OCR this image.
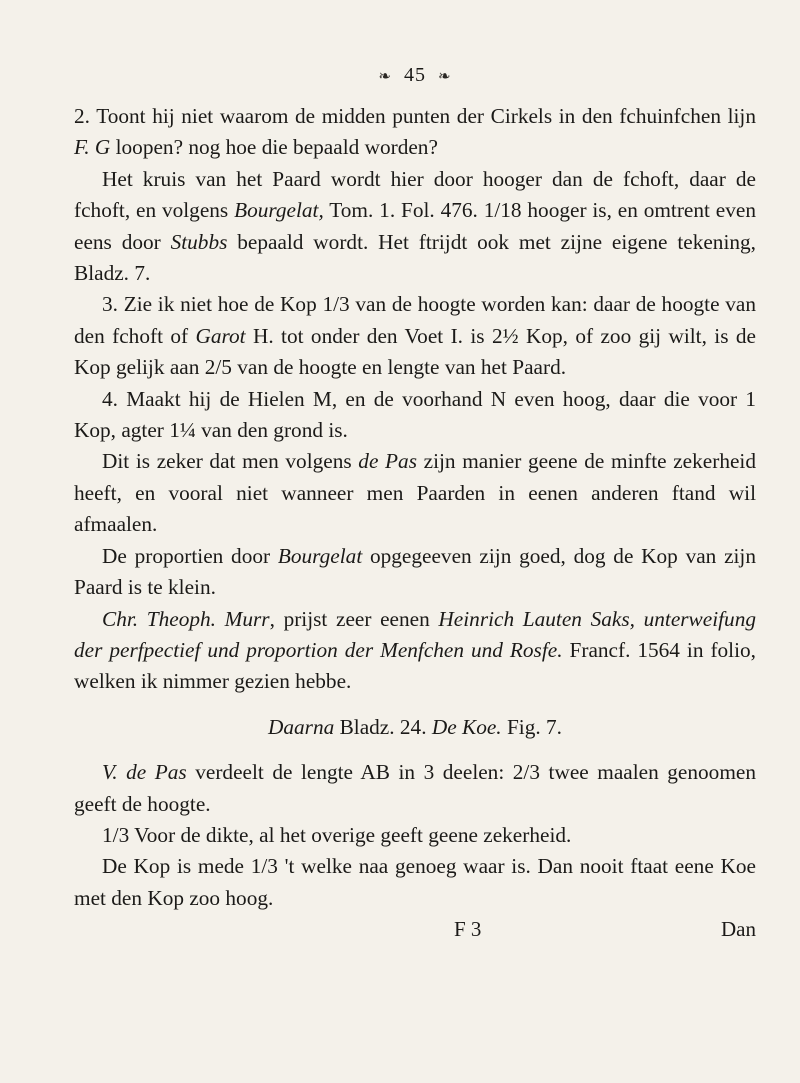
❧ 45 ❧

2. Toont hij niet waarom de midden punten der Cirkels in den fchuinfchen lijn F. G loopen? nog hoe die bepaald worden?

Het kruis van het Paard wordt hier door hooger dan de fchoft, daar de fchoft, en volgens Bourgelat, Tom. 1. Fol. 476. 1/18 hooger is, en omtrent even eens door Stubbs bepaald wordt. Het ftrijdt ook met zijne eigene tekening, Bladz. 7.

3. Zie ik niet hoe de Kop 1/3 van de hoogte worden kan: daar de hoogte van den fchoft of Garot H. tot onder den Voet I. is 2½ Kop, of zoo gij wilt, is de Kop gelijk aan 2/5 van de hoogte en lengte van het Paard.

4. Maakt hij de Hielen M, en de voorhand N even hoog, daar die voor 1 Kop, agter 1¼ van den grond is.

Dit is zeker dat men volgens de Pas zijn manier geene de minfte zekerheid heeft, en vooral niet wanneer men Paarden in eenen anderen ftand wil afmaalen.

De proportien door Bourgelat opgegeeven zijn goed, dog de Kop van zijn Paard is te klein.

Chr. Theoph. Murr, prijst zeer eenen Heinrich Lauten Saks, unterweifung der perfpectief und proportion der Menfchen und Rosfe. Francf. 1564 in folio, welken ik nimmer gezien hebbe.

Daarna Bladz. 24. De Koe. Fig. 7.

V. de Pas verdeelt de lengte AB in 3 deelen: 2/3 twee maalen genoomen geeft de hoogte.

1/3 Voor de dikte, al het overige geeft geene zekerheid.

De Kop is mede 1/3 't welke naa genoeg waar is. Dan nooit ftaat eene Koe met den Kop zoo hoog.

F 3	Dan
